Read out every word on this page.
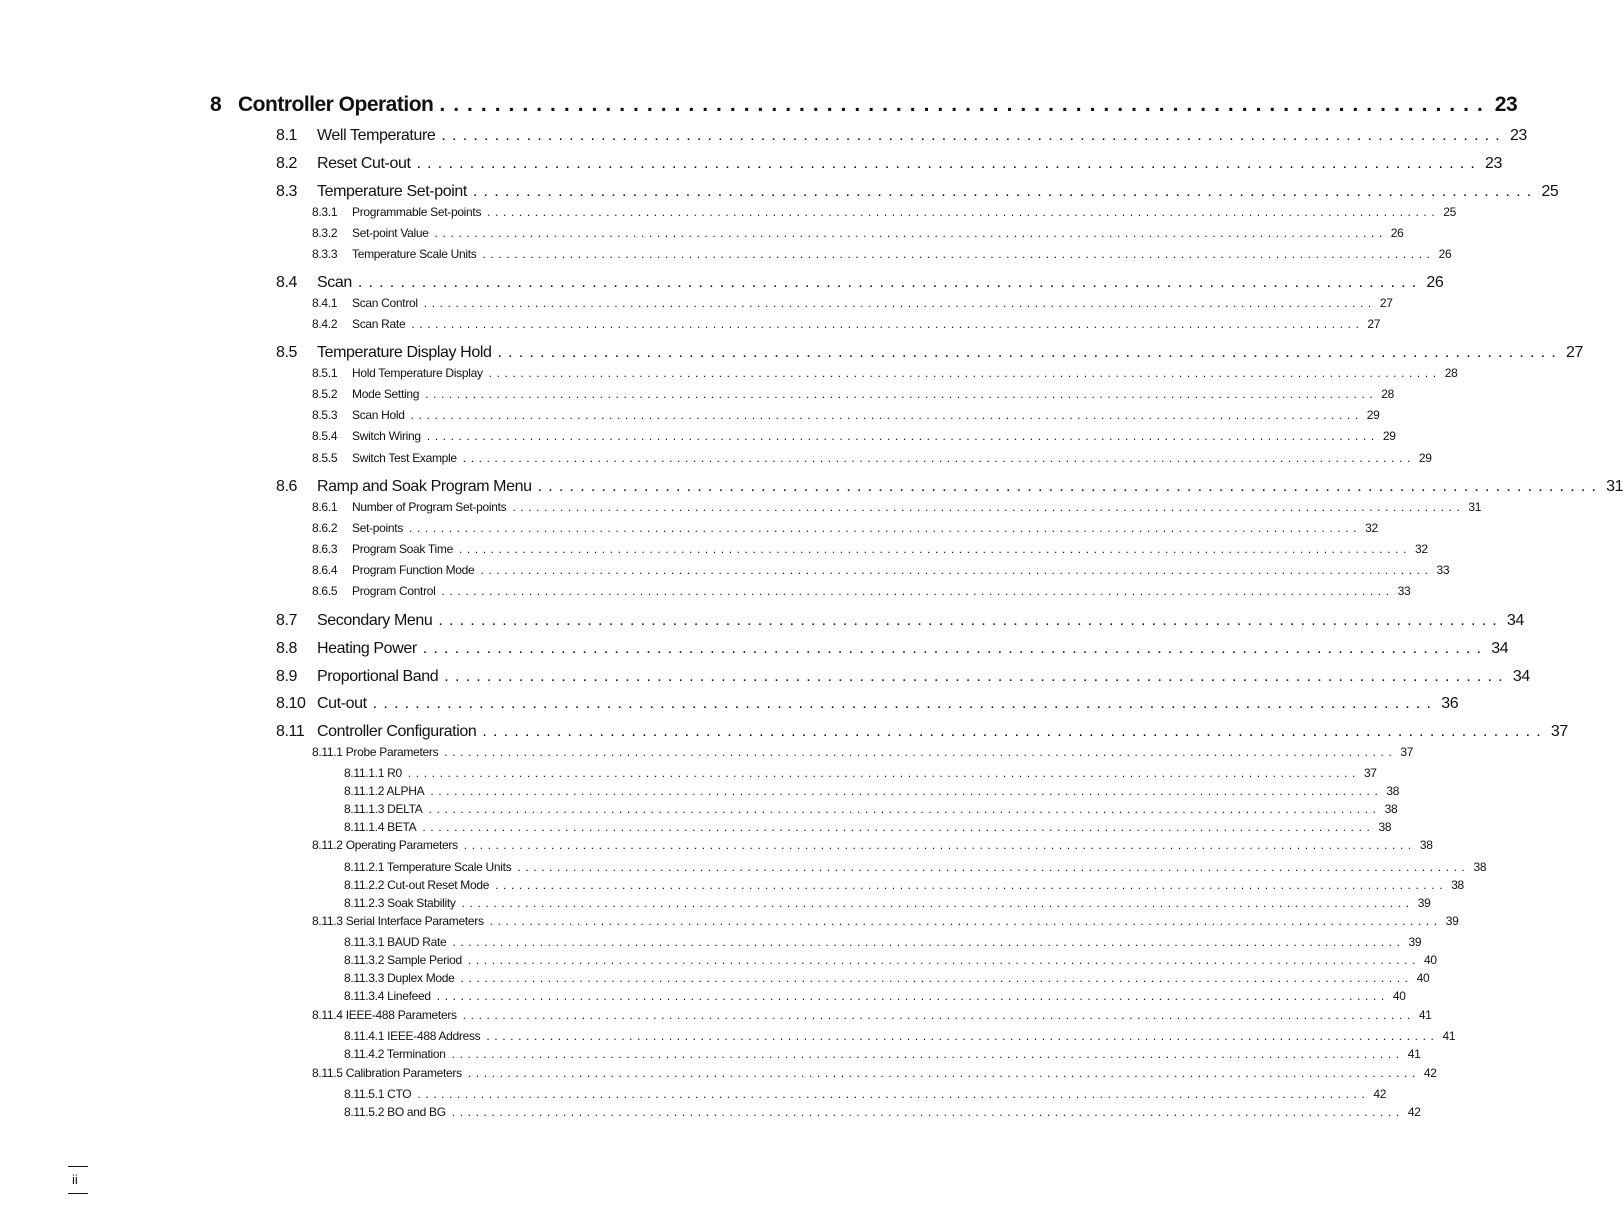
8 Controller Operation ............................................................................ 23
8.1 Well Temperature .................................................................................................... 23
8.2 Reset Cut-out .................................................................................................... 23
8.3 Temperature Set-point .................................................................................................... 25
8.3.1 Programmable Set-points ........................................................................................................................ 25
8.3.2 Set-point Value ........................................................................................................................ 26
8.3.3 Temperature Scale Units ........................................................................................................................ 26
8.4 Scan .................................................................................................... 26
8.4.1 Scan Control ........................................................................................................................ 27
8.4.2 Scan Rate ........................................................................................................................ 27
8.5 Temperature Display Hold .................................................................................................... 27
8.5.1 Hold Temperature Display ........................................................................................................................ 28
8.5.2 Mode Setting ........................................................................................................................ 28
8.5.3 Scan Hold ........................................................................................................................ 29
8.5.4 Switch Wiring ........................................................................................................................ 29
8.5.5 Switch Test Example ........................................................................................................................ 29
8.6 Ramp and Soak Program Menu .................................................................................................... 31
8.6.1 Number of Program Set-points ........................................................................................................................ 31
8.6.2 Set-points ........................................................................................................................ 32
8.6.3 Program Soak Time ........................................................................................................................ 32
8.6.4 Program Function Mode ........................................................................................................................ 33
8.6.5 Program Control ........................................................................................................................ 33
8.7 Secondary Menu .................................................................................................... 34
8.8 Heating Power .................................................................................................... 34
8.9 Proportional Band .................................................................................................... 34
8.10 Cut-out .................................................................................................... 36
8.11 Controller Configuration .................................................................................................... 37
8.11.1 Probe Parameters ........................................................................................................................ 37
8.11.1.1 R0 ........................................................................................................................ 37
8.11.1.2 ALPHA ........................................................................................................................ 38
8.11.1.3 DELTA ........................................................................................................................ 38
8.11.1.4 BETA ........................................................................................................................ 38
8.11.2 Operating Parameters ........................................................................................................................ 38
8.11.2.1 Temperature Scale Units ........................................................................................................................ 38
8.11.2.2 Cut-out Reset Mode ........................................................................................................................ 38
8.11.2.3 Soak Stability ........................................................................................................................ 39
8.11.3 Serial Interface Parameters ........................................................................................................................ 39
8.11.3.1 BAUD Rate ........................................................................................................................ 39
8.11.3.2 Sample Period ........................................................................................................................ 40
8.11.3.3 Duplex Mode ........................................................................................................................ 40
8.11.3.4 Linefeed ........................................................................................................................ 40
8.11.4 IEEE-488 Parameters ........................................................................................................................ 41
8.11.4.1 IEEE-488 Address ........................................................................................................................ 41
8.11.4.2 Termination ........................................................................................................................ 41
8.11.5 Calibration Parameters ........................................................................................................................ 42
8.11.5.1 CTO ........................................................................................................................ 42
8.11.5.2 BO and BG ........................................................................................................................ 42
ii
